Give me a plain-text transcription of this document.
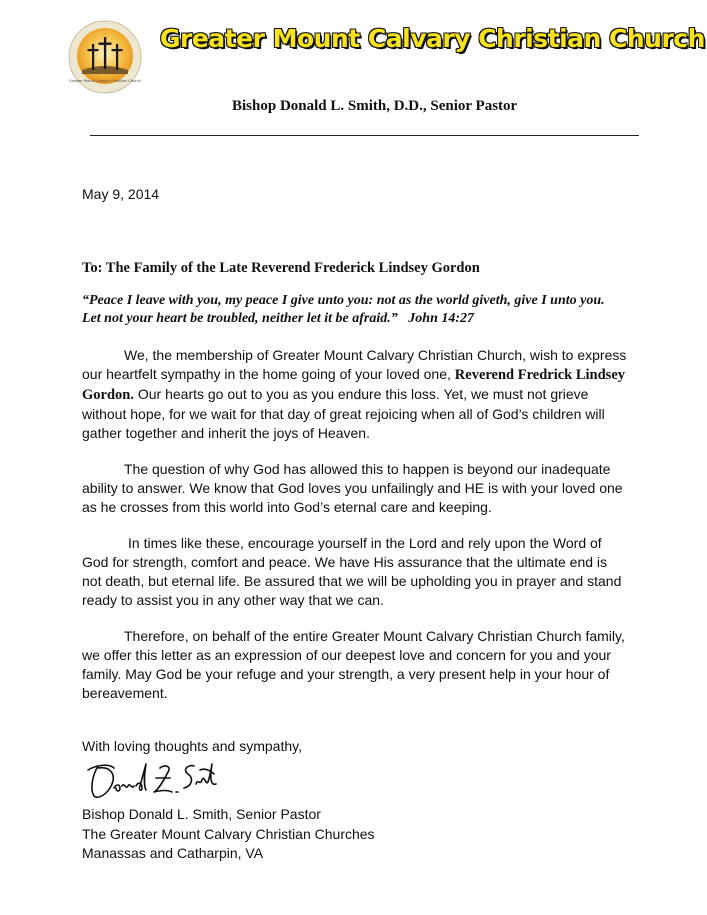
Greater Mount Calvary Christian Church
Greater Mount Calvary Christian Church
Bishop Donald L. Smith, D.D., Senior Pastor
May 9, 2014
To: The Family of the Late Reverend Frederick Lindsey Gordon
“Peace I leave with you, my peace I give unto you: not as the world giveth, give I unto you. Let not your heart be troubled, neither let it be afraid.” John 14:27
We, the membership of Greater Mount Calvary Christian Church, wish to express our heartfelt sympathy in the home going of your loved one, Reverend Fredrick Lindsey Gordon. Our hearts go out to you as you endure this loss. Yet, we must not grieve without hope, for we wait for that day of great rejoicing when all of God’s children will gather together and inherit the joys of Heaven.
The question of why God has allowed this to happen is beyond our inadequate ability to answer. We know that God loves you unfailingly and HE is with your loved one as he crosses from this world into God’s eternal care and keeping.
In times like these, encourage yourself in the Lord and rely upon the Word of God for strength, comfort and peace. We have His assurance that the ultimate end is not death, but eternal life. Be assured that we will be upholding you in prayer and stand ready to assist you in any other way that we can.
Therefore, on behalf of the entire Greater Mount Calvary Christian Church family, we offer this letter as an expression of our deepest love and concern for you and your family. May God be your refuge and your strength, a very present help in your hour of bereavement.
With loving thoughts and sympathy,
Bishop Donald L. Smith, Senior Pastor
The Greater Mount Calvary Christian Churches
Manassas and Catharpin, VA
